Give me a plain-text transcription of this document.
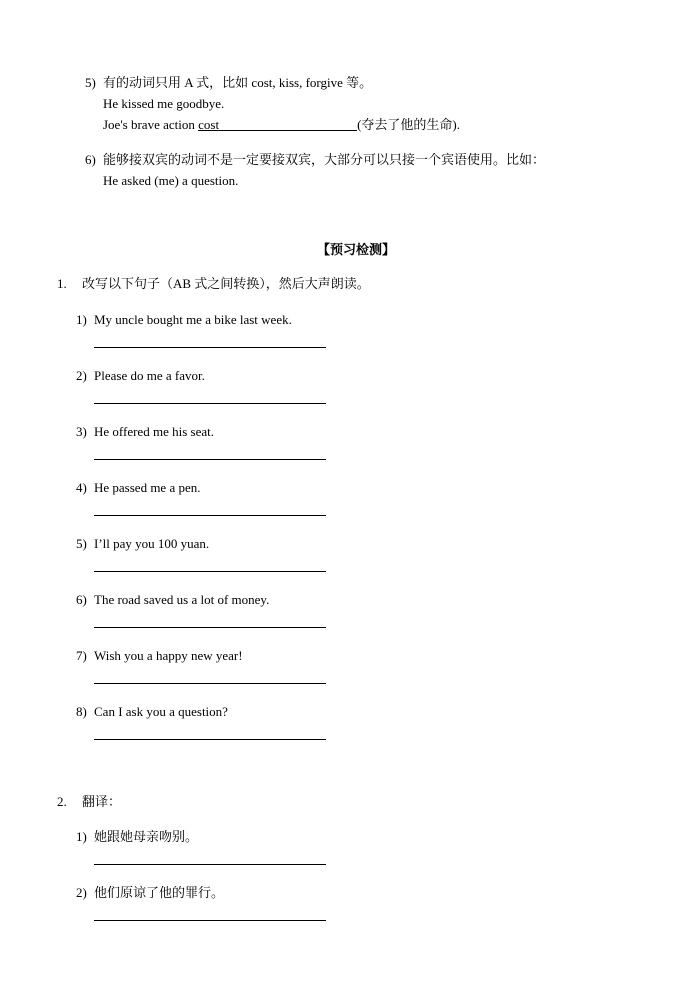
5) 有的动词只用 A 式，比如 cost, kiss, forgive 等。
He kissed me goodbye.
Joe's brave action cost	(夺去了他的生命).
6) 能够接双宾的动词不是一定要接双宾，大部分可以只接一个宾语使用。比如：
He asked (me) a question.
【预习检测】
1. 改写以下句子（AB 式之间转换），然后大声朗读。
1) My uncle bought me a bike last week.
2) Please do me a favor.
3) He offered me his seat.
4) He passed me a pen.
5) I’ll pay you 100 yuan.
6) The road saved us a lot of money.
7) Wish you a happy new year!
8) Can I ask you a question?
2. 翻译：
1) 她跟她母亲吻别。
2) 他们原谅了他的罪行。
